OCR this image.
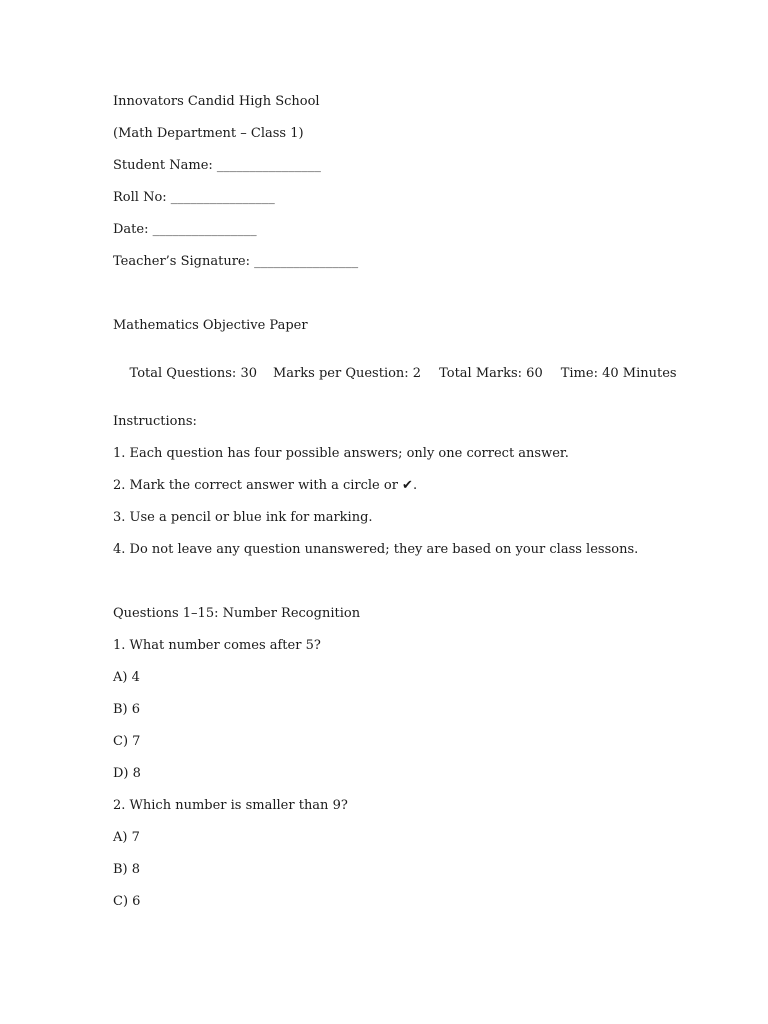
Innovators Candid High School
(Math Department – Class 1)
Student Name: ________________
Roll No: ________________
Date: ________________
Teacher’s Signature: ________________
Mathematics Objective Paper

Total Questions: 30 Marks per Question: 2 Total Marks: 60 Time: 40 Minutes

Instructions:
1. Each question has four possible answers; only one correct answer.
2. Mark the correct answer with a circle or ✔.
3. Use a pencil or blue ink for marking.
4. Do not leave any question unanswered; they are based on your class lessons.
Questions 1–15: Number Recognition
1. What number comes after 5?
A) 4
B) 6
C) 7
D) 8
2. Which number is smaller than 9?
A) 7
B) 8
C) 6
